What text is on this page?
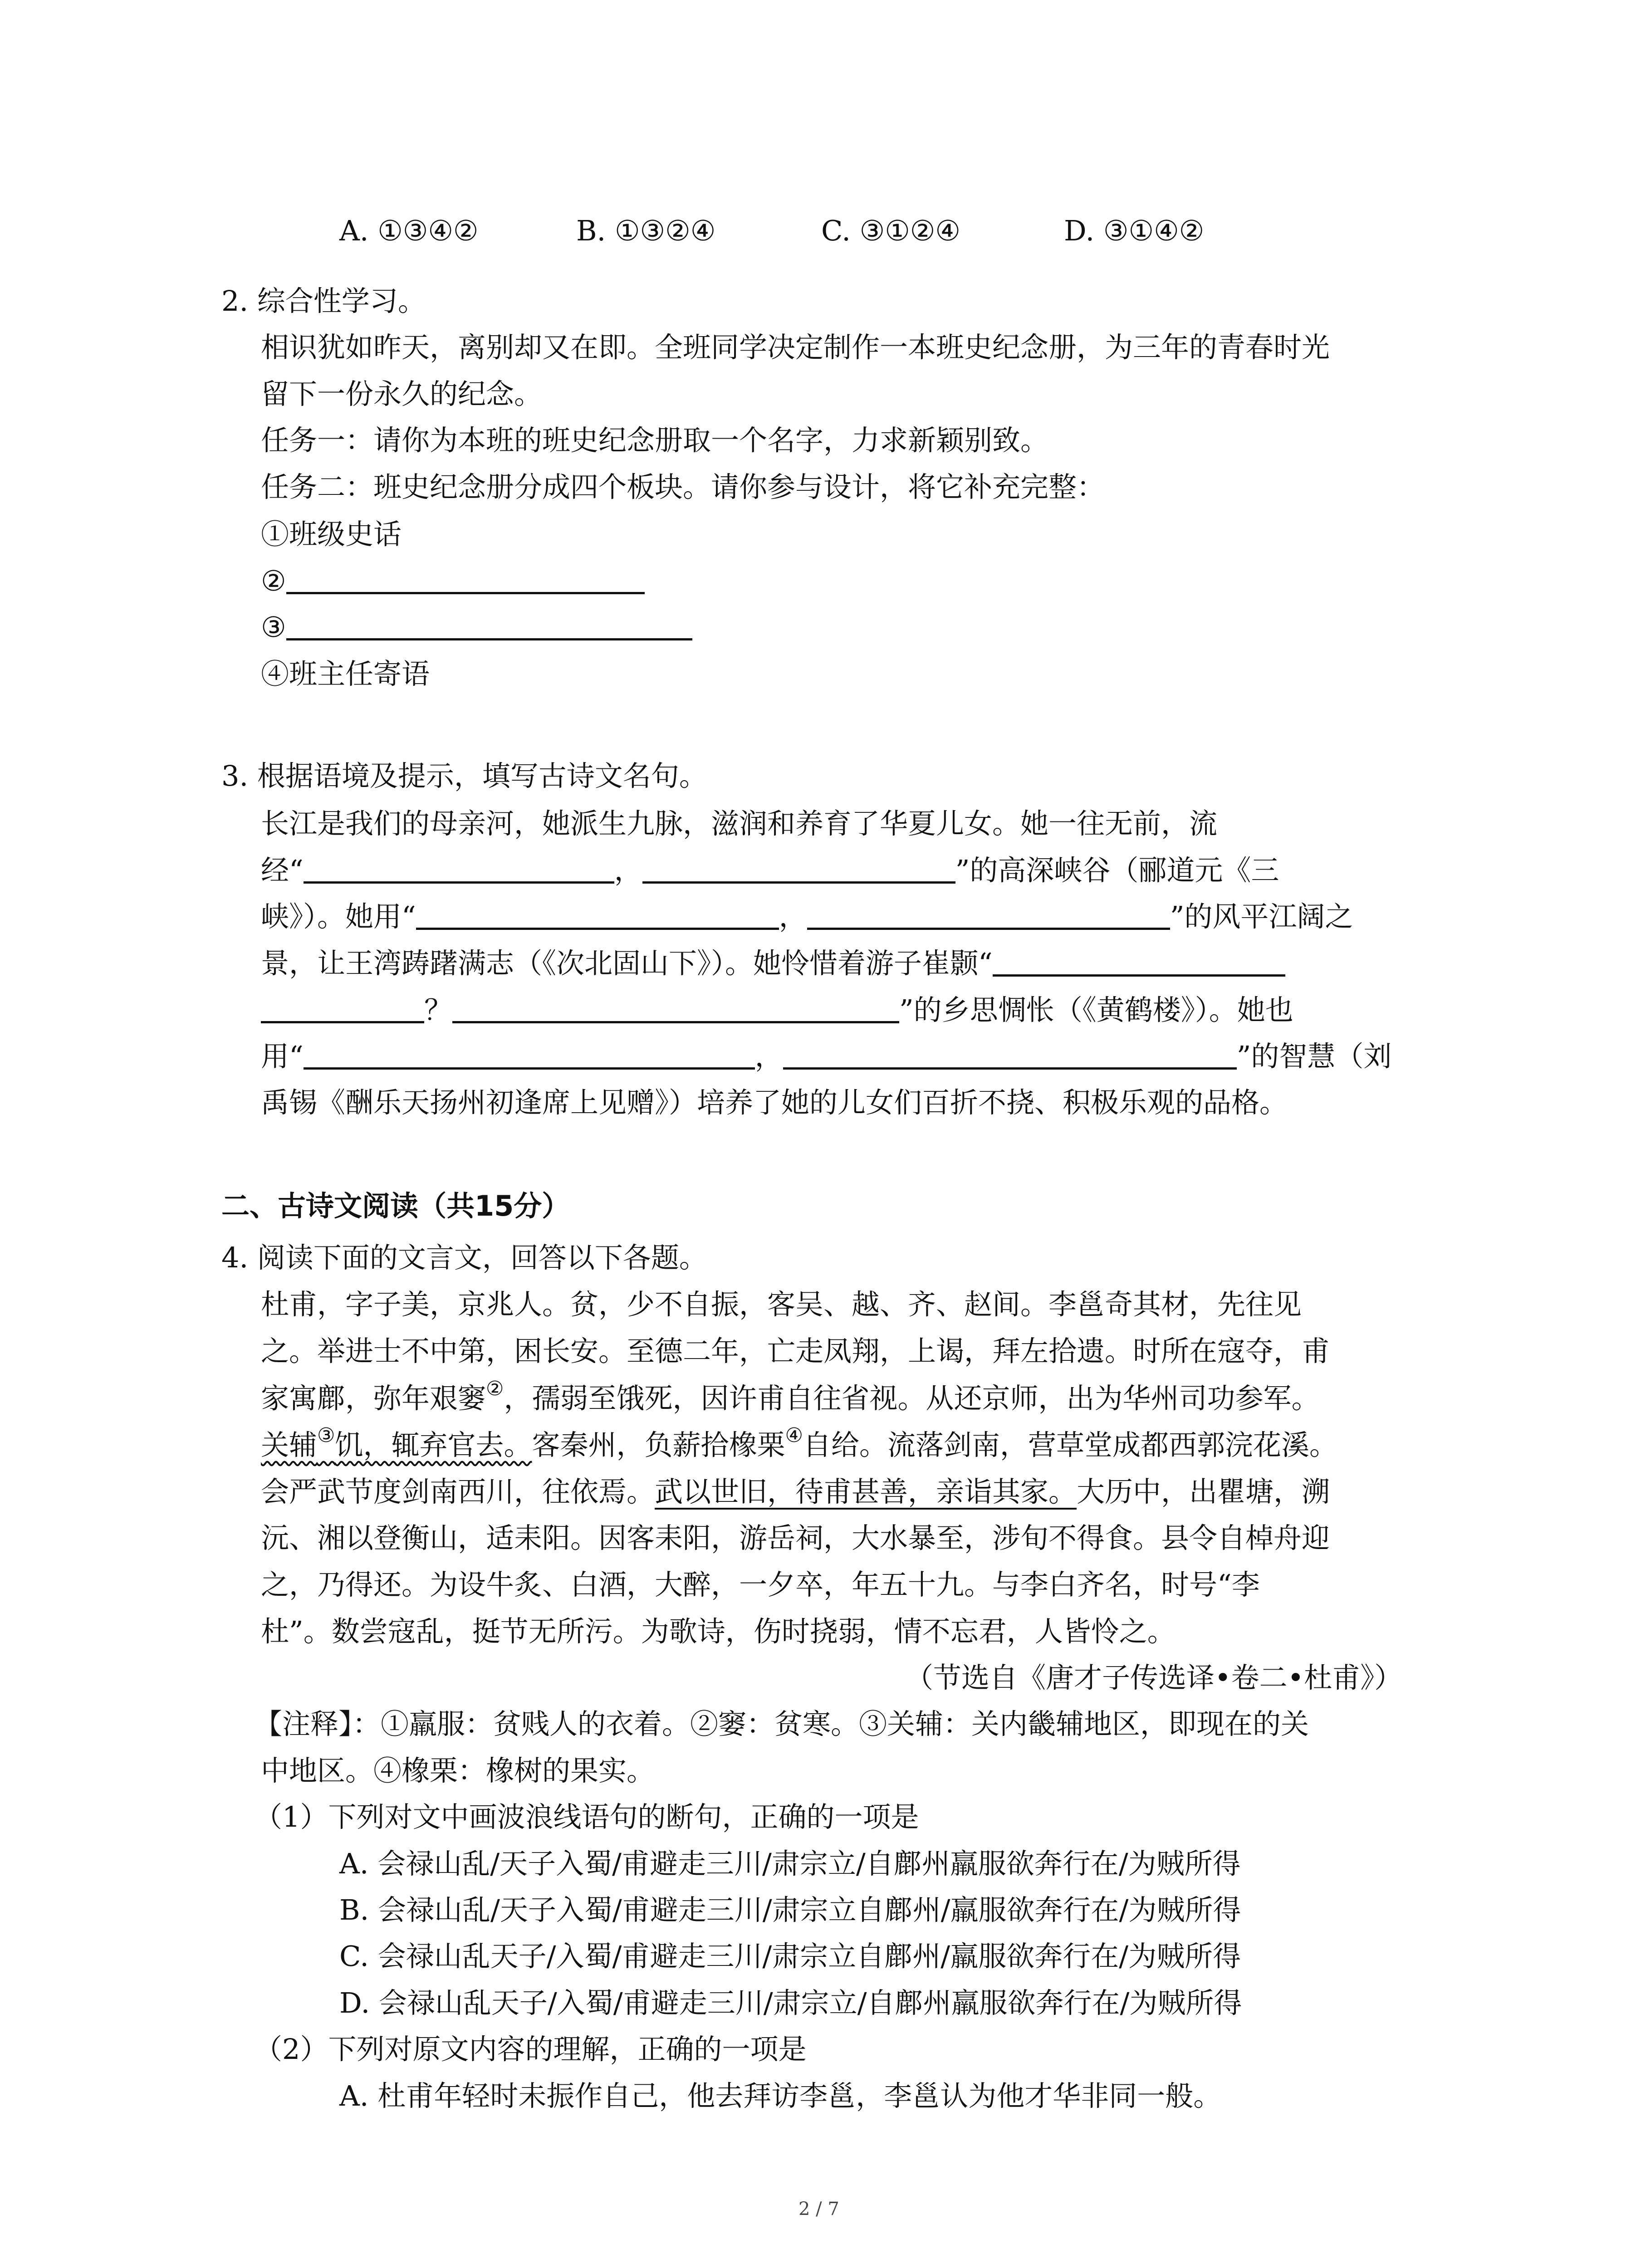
A. ①③④②	B. ①③②④	C. ③①②④	D. ③①④②
2. 综合性学习。
相识犹如昨天，离别却又在即。全班同学决定制作一本班史纪念册，为三年的青春时光
留下一份永久的纪念。
任务一：请你为本班的班史纪念册取一个名字，力求新颖别致。
任务二：班史纪念册分成四个板块。请你参与设计，将它补充完整：
①班级史话
②
③
④班主任寄语
3. 根据语境及提示，填写古诗文名句。
长江是我们的母亲河，她派生九脉，滋润和养育了华夏儿女。她一往无前，流
经“	，	”的高深峡谷（郦道元《三
峡》）。她用“	，	”的风平江阔之
景，让王湾踌躇满志（《次北固山下》）。她怜惜着游子崔颢“
？	”的乡思惆怅（《黄鹤楼》）。她也
用“	，	”的智慧（刘
禹锡《酬乐天扬州初逢席上见赠》）培养了她的儿女们百折不挠、积极乐观的品格。
二、古诗文阅读（共15分）
4. 阅读下面的文言文，回答以下各题。
杜甫，字子美，京兆人。贫，少不自振，客吴、越、齐、赵间。李邕奇其材，先往见
之。举进士不中第，困长安。至德二年，亡走凤翔，上谒，拜左拾遗。时所在寇夺，甫
家寓鄜，弥年艰窭②，孺弱至饿死，因许甫自往省视。从还京师，出为华州司功参军。
关辅③饥，辄弃官去。客秦州，负薪拾橡栗④自给。流落剑南，营草堂成都西郭浣花溪。
会严武节度剑南西川，往依焉。武以世旧，待甫甚善，亲诣其家。大历中，出瞿塘，溯
沅、湘以登衡山，适耒阳。因客耒阳，游岳祠，大水暴至，涉旬不得食。县令自棹舟迎
之，乃得还。为设牛炙、白酒，大醉，一夕卒，年五十九。与李白齐名，时号“李
杜”。数尝寇乱，挺节无所污。为歌诗，伤时挠弱，情不忘君，人皆怜之。
（节选自《唐才子传选译•卷二•杜甫》）
【注释】：①羸服：贫贱人的衣着。②窭：贫寒。③关辅：关内畿辅地区，即现在的关
中地区。④橡栗：橡树的果实。
（1）下列对文中画波浪线语句的断句，正确的一项是
A. 会禄山乱/天子入蜀/甫避走三川/肃宗立/自鄜州羸服欲奔行在/为贼所得
B. 会禄山乱/天子入蜀/甫避走三川/肃宗立自鄜州/羸服欲奔行在/为贼所得
C. 会禄山乱天子/入蜀/甫避走三川/肃宗立自鄜州/羸服欲奔行在/为贼所得
D. 会禄山乱天子/入蜀/甫避走三川/肃宗立/自鄜州羸服欲奔行在/为贼所得
（2）下列对原文内容的理解，正确的一项是
A. 杜甫年轻时未振作自己，他去拜访李邕，李邕认为他才华非同一般。
2 / 7
